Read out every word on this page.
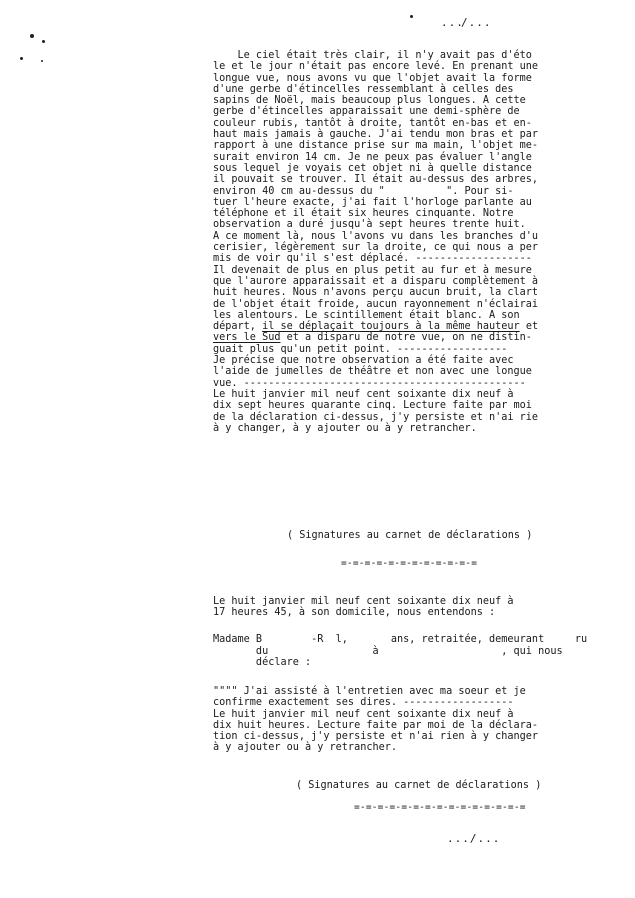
...
/...
Le ciel était très clair, il n'y avait pas d'éto
le et le jour n'était pas encore levé. En prenant une
longue vue, nous avons vu que l'objet avait la forme
d'une gerbe d'étincelles ressemblant à celles des
sapins de Noël, mais beaucoup plus longues. A cette
gerbe d'étincelles apparaissait une demi-sphère de
couleur rubis, tantôt à droite, tantôt en-bas et en-
haut mais jamais à gauche. J'ai tendu mon bras et par
rapport à une distance prise sur ma main, l'objet me-
surait environ 14 cm. Je ne peux pas évaluer l'angle
sous lequel je voyais cet objet ni à quelle distance
il pouvait se trouver. Il était au-dessus des arbres,
environ 40 cm au-dessus du "          ". Pour si-
tuer l'heure exacte, j'ai fait l'horloge parlante au
téléphone et il était six heures cinquante. Notre
observation a duré jusqu'à sept heures trente huit.
A ce moment là, nous l'avons vu dans les branches d'u
cerisier, légèrement sur la droite, ce qui nous a per
mis de voir qu'il s'est déplacé. -------------------
Il devenait de plus en plus petit au fur et à mesure
que l'aurore apparaissait et a disparu complètement à
huit heures. Nous n'avons perçu aucun bruit, la clart
de l'objet était froide, aucun rayonnement n'éclairai
les alentours. Le scintillement était blanc. A son
départ, il se déplaçait toujours à la même hauteur et
vers le Sud et a disparu de notre vue, on ne distin-
guait plus qu'un petit point. ------------------
Je précise que notre observation a été faite avec
l'aide de jumelles de théâtre et non avec une longue
vue. ----------------------------------------------
Le huit janvier mil neuf cent soixante dix neuf à
dix sept heures quarante cinq. Lecture faite par moi
de la déclaration ci-dessus, j'y persiste et n'ai rie
à y changer, à y ajouter ou à y retrancher.
( Signatures au carnet de déclarations )
=-=-=-=-=-=-=-=-=-=-=-=
Le huit janvier mil neuf cent soixante dix neuf à
17 heures 45, à son domicile, nous entendons :
Madame B        -R  l,       ans, retraitée, demeurant     ru
du                 à                    , qui nous
déclare :
"""" J'ai assisté à l'entretien avec ma soeur et je
confirme exactement ses dires. ------------------
Le huit janvier mil neuf cent soixante dix neuf à
dix huit heures. Lecture faite par moi de la déclara-
tion ci-dessus, j'y persiste et n'ai rien à y changer
à y ajouter ou à y retrancher.
( Signatures au carnet de déclarations )
=-=-=-=-=-=-=-=-=-=-=-=-=-=-=
.../...
